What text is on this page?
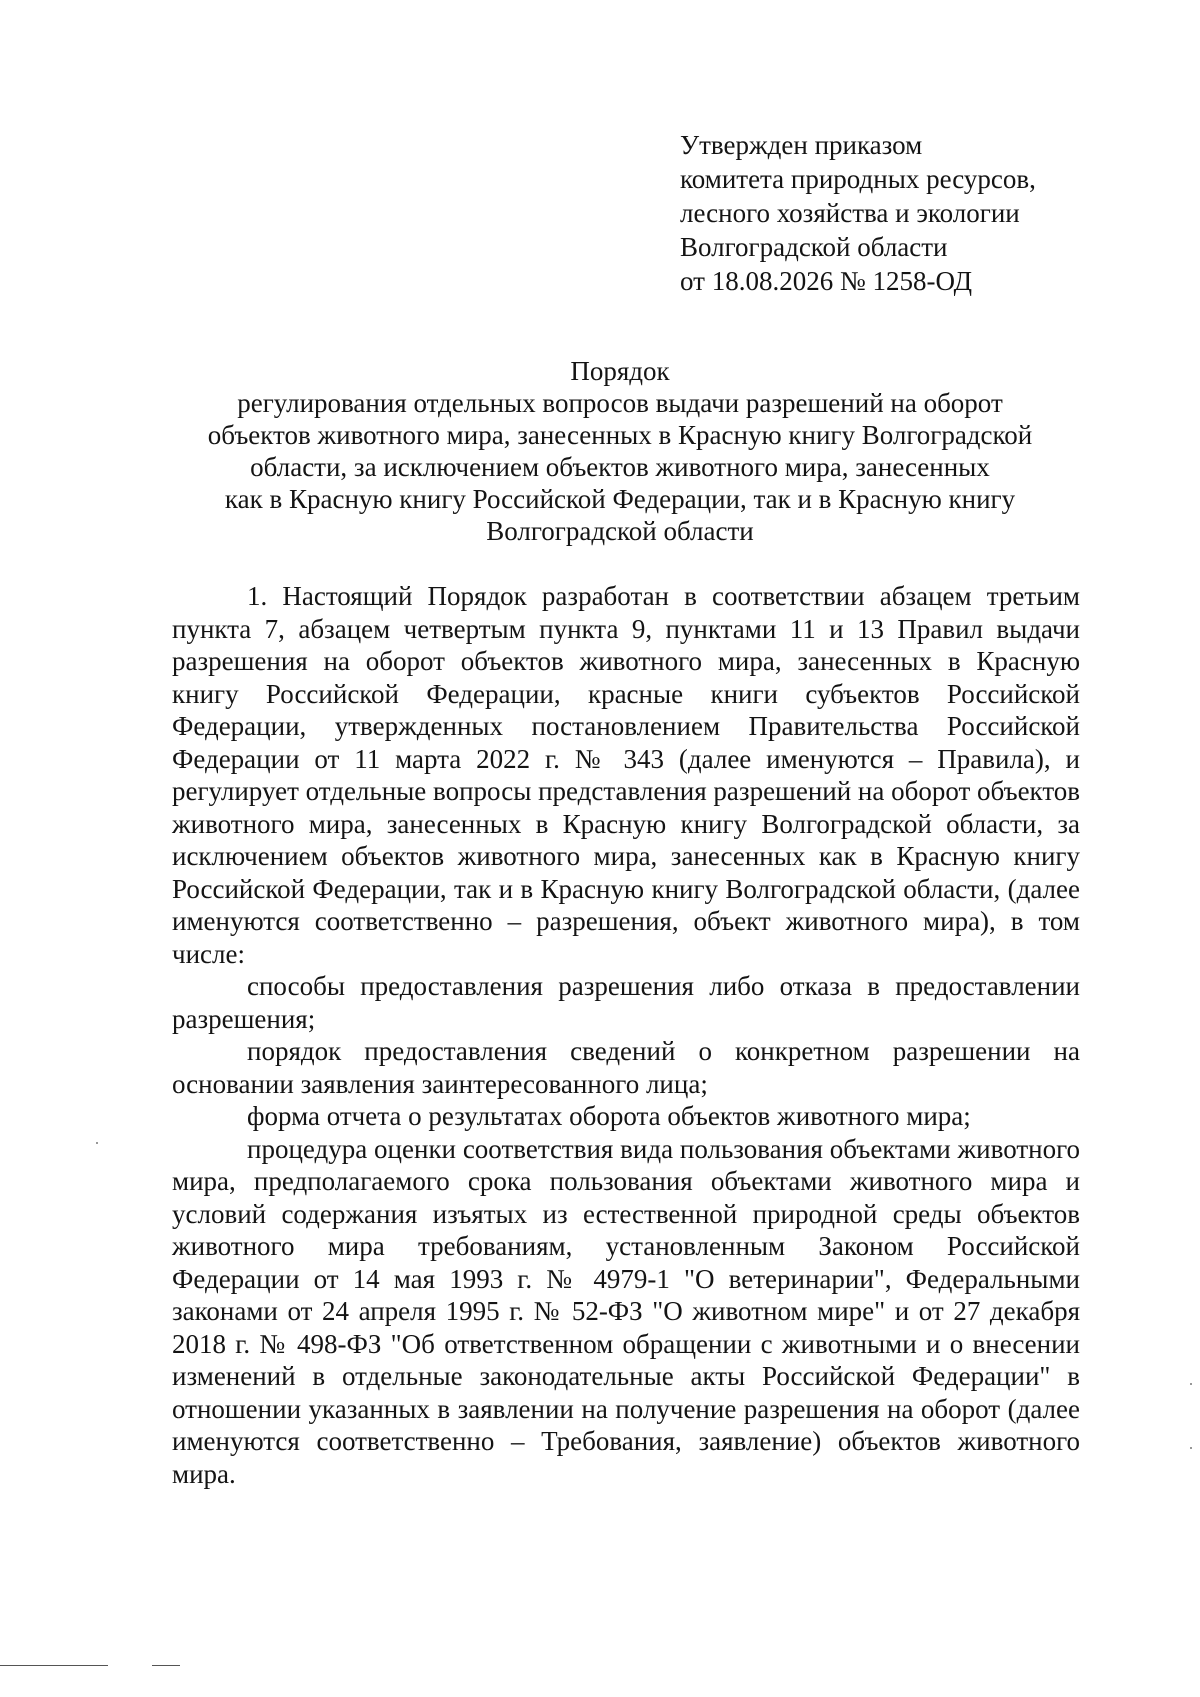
Утвержден приказом
комитета природных ресурсов,
лесного хозяйства и экологии
Волгоградской области
от 18.08.2026 № 1258-ОД
Порядок
регулирования отдельных вопросов выдачи разрешений на оборот
объектов животного мира, занесенных в Красную книгу Волгоградской
области, за исключением объектов животного мира, занесенных
как в Красную книгу Российской Федерации, так и в Красную книгу
Волгоградской области

1. Настоящий Порядок разработан в соответствии абзацем третьим пункта 7, абзацем четвертым пункта 9, пунктами 11 и 13 Правил выдачи разрешения на оборот объектов животного мира, занесенных в Красную книгу Российской Федерации, красные книги субъектов Российской Федерации, утвержденных постановлением Правительства Российской Федерации от 11 марта 2022 г. № 343 (далее именуются – Правила), и регулирует отдельные вопросы представления разрешений на оборот объектов животного мира, занесенных в Красную книгу Волгоградской области, за исключением объектов животного мира, занесенных как в Красную книгу Российской Федерации, так и в Красную книгу Волгоградской области, (далее именуются соответственно – разрешения, объект животного мира), в том числе:

способы предоставления разрешения либо отказа в предоставлении разрешения;

порядок предоставления сведений о конкретном разрешении на основании заявления заинтересованного лица;

форма отчета о результатах оборота объектов животного мира;

процедура оценки соответствия вида пользования объектами животного мира, предполагаемого срока пользования объектами животного мира и условий содержания изъятых из естественной природной среды объектов животного мира требованиям, установленным Законом Российской Федерации от 14 мая 1993 г. № 4979-1 "О ветеринарии", Федеральными законами от 24 апреля 1995 г. № 52-ФЗ "О животном мире" и от 27 декабря 2018 г. № 498-ФЗ "Об ответственном обращении с животными и о внесении изменений в отдельные законодательные акты Российской Федерации" в отношении указанных в заявлении на получение разрешения на оборот (далее именуются соответственно – Требования, заявление) объектов животного мира.
